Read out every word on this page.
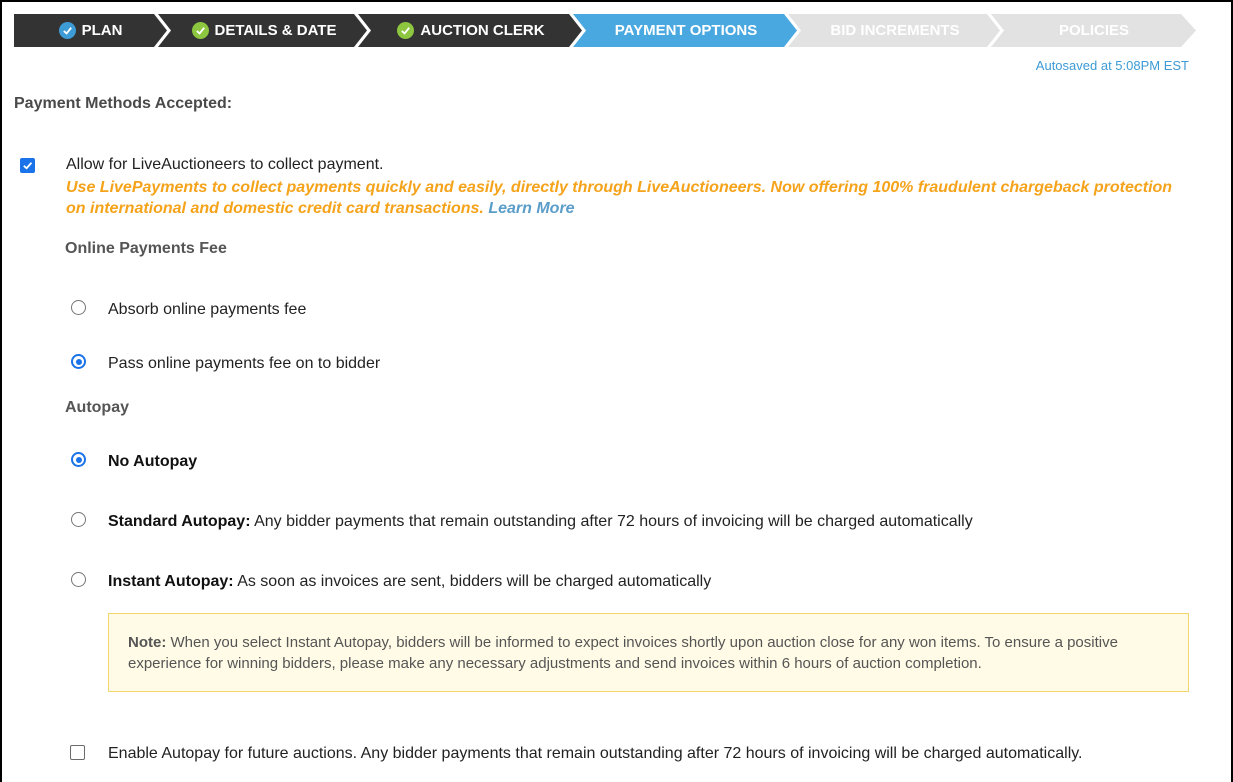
PLAN	DETAILS & DATE	AUCTION CLERK	PAYMENT OPTIONS	BID INCREMENTS	POLICIES
Autosaved at 5:08PM EST
Payment Methods Accepted:
Allow for LiveAuctioneers to collect payment.
Use LivePayments to collect payments quickly and easily, directly through LiveAuctioneers. Now offering 100% fraudulent chargeback protection on international and domestic credit card transactions. Learn More
Online Payments Fee
Absorb online payments fee
Pass online payments fee on to bidder
Autopay
No Autopay
Standard Autopay: Any bidder payments that remain outstanding after 72 hours of invoicing will be charged automatically
Instant Autopay: As soon as invoices are sent, bidders will be charged automatically
Note: When you select Instant Autopay, bidders will be informed to expect invoices shortly upon auction close for any won items. To ensure a positive experience for winning bidders, please make any necessary adjustments and send invoices within 6 hours of auction completion.
Enable Autopay for future auctions. Any bidder payments that remain outstanding after 72 hours of invoicing will be charged automatically.
